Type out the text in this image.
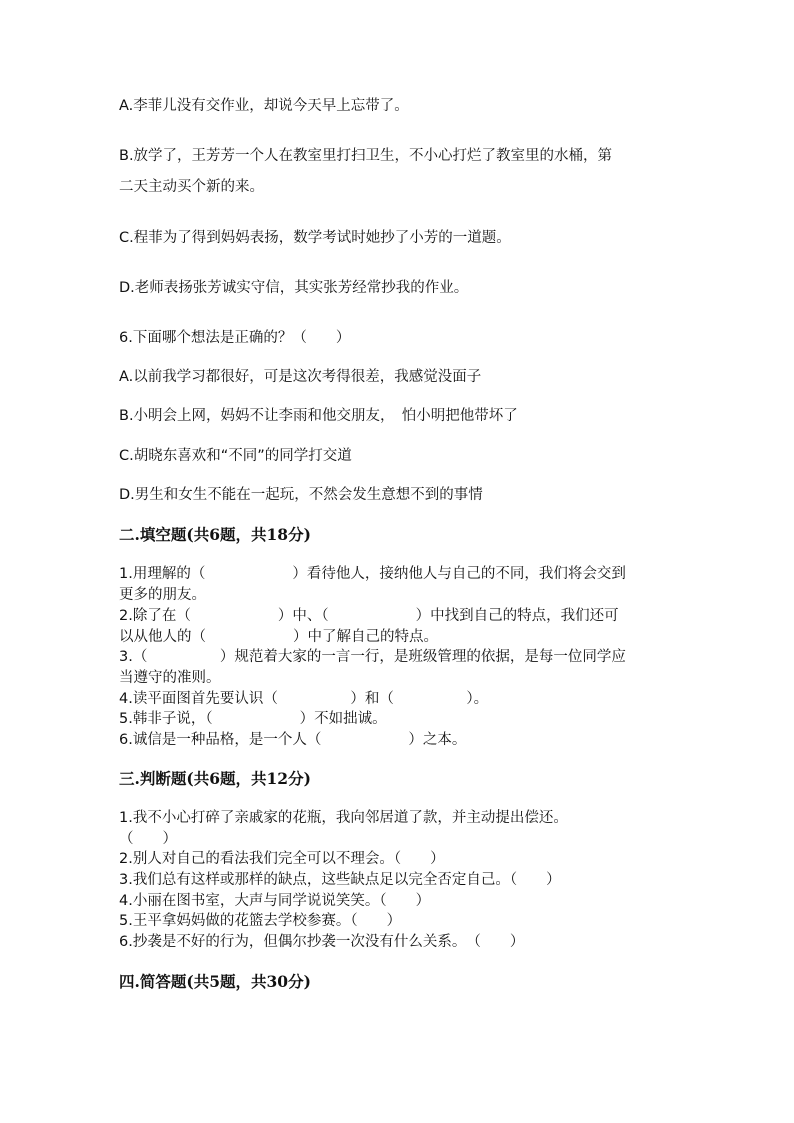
A.李菲儿没有交作业，却说今天早上忘带了。
B.放学了，王芳芳一个人在教室里打扫卫生，不小心打烂了教室里的水桶，第
二天主动买个新的来。
C.程菲为了得到妈妈表扬，数学考试时她抄了小芳的一道题。
D.老师表扬张芳诚实守信，其实张芳经常抄我的作业。
6.下面哪个想法是正确的？（　　）
A.以前我学习都很好，可是这次考得很差，我感觉没面子
B.小明会上网，妈妈不让李雨和他交朋友，　怕小明把他带坏了
C.胡晓东喜欢和“不同”的同学打交道
D.男生和女生不能在一起玩，不然会发生意想不到的事情
二.填空题(共6题，共18分)
1.用理解的（　　　　　　）看待他人，接纳他人与自己的不同，我们将会交到
更多的朋友。
2.除了在（　　　　　　）中、（　　　　　　）中找到自己的特点，我们还可
以从他人的（　　　　　　）中了解自己的特点。
3.（　　　　　）规范着大家的一言一行，是班级管理的依据，是每一位同学应
当遵守的准则。
4.读平面图首先要认识（　　　　　）和（　　　　　）。
5.韩非子说，（　　　　　　）不如拙诚。
6.诚信是一种品格，是一个人（　　　　　　）之本。
三.判断题(共6题，共12分)
1.我不小心打碎了亲戚家的花瓶，我向邻居道了款，并主动提出偿还。
（　　）
2.别人对自己的看法我们完全可以不理会。（　　）
3.我们总有这样或那样的缺点，这些缺点足以完全否定自己。（　　）
4.小丽在图书室，大声与同学说说笑笑。（　　）
5.王平拿妈妈做的花篮去学校参赛。（　　）
6.抄袭是不好的行为，但偶尔抄袭一次没有什么关系。　（　　）
四.简答题(共5题，共30分)
